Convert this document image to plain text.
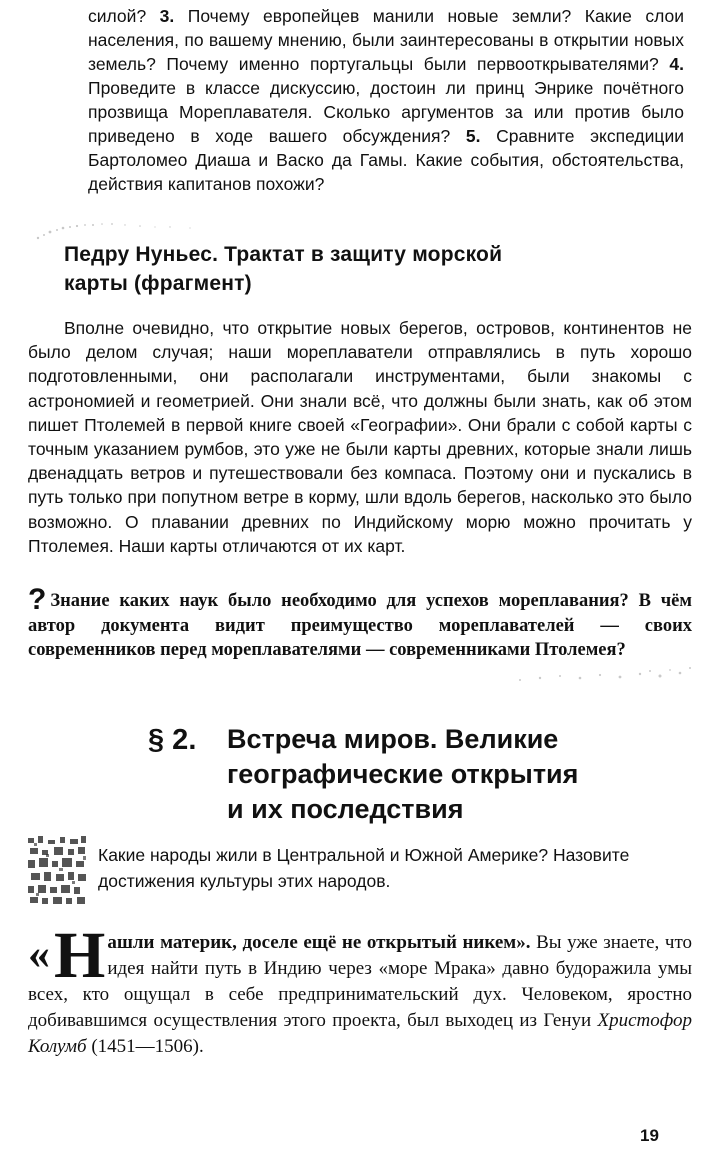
силой? 3. Почему европейцев манили новые земли? Какие слои населения, по вашему мнению, были заинтересованы в открытии новых земель? Почему именно португальцы были первооткрывателями? 4. Проведите в классе дискуссию, достоин ли принц Энрике почётного прозвища Мореплавателя. Сколько аргументов за или против было приведено в ходе вашего обсуждения? 5. Сравните экспедиции Бартоломео Диаша и Васко да Гамы. Какие события, обстоятельства, действия капитанов похожи?
Педру Нуньес. Трактат в защиту морской
карты (фрагмент)
Вполне очевидно, что открытие новых берегов, островов, континентов не было делом случая; наши мореплаватели отправлялись в путь хорошо подготовленными, они располагали инструментами, были знакомы с астрономией и геометрией. Они знали всё, что должны были знать, как об этом пишет Птолемей в первой книге своей «Географии». Они брали с собой карты с точным указанием румбов, это уже не были карты древних, которые знали лишь двенадцать ветров и путешествовали без компаса. Поэтому они и пускались в путь только при попутном ветре в корму, шли вдоль берегов, насколько это было возможно. О плавании древних по Индийскому морю можно прочитать у Птолемея. Наши карты отличаются от их карт.
? Знание каких наук было необходимо для успехов мореплавания? В чём автор документа видит преимущество мореплавателей — своих современников перед мореплавателями — современниками Птолемея?
§ 2. Встреча миров. Великие
географические открытия
и их последствия
Какие народы жили в Центральной и Южной Америке? Назовите достижения культуры этих народов.
« Н ашли материк, доселе ещё не открытый никем». Вы уже знаете, что идея найти путь в Индию через «море Мрака» давно будоражила умы всех, кто ощущал в себе предпринимательский дух. Человеком, яростно добивавшимся осуществления этого проекта, был выходец из Генуи Христофор Колумб (1451—1506).
19
